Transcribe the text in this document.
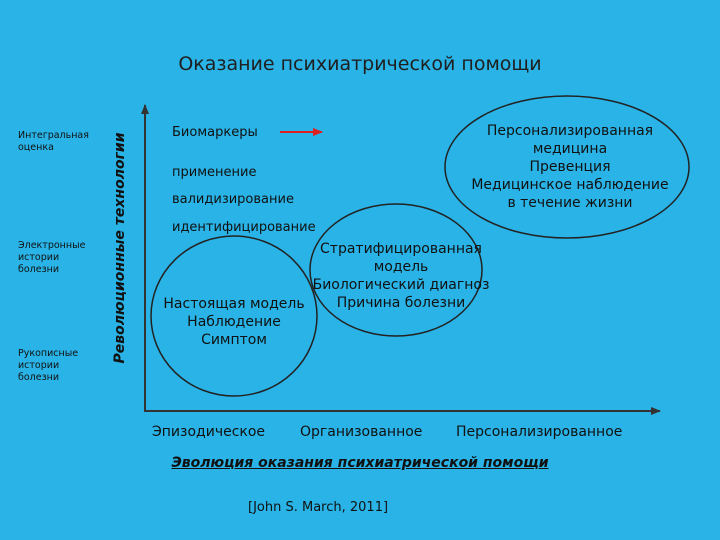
Оказание психиатрической помощи
Интегральная оценка
Электронные истории болезни
Рукописные истории болезни
Революционные технологии	Биомаркеры
применение
валидизирование
идентифицирование
Настоящая модель
Наблюдение
Симптом
Стратифицированная
модель
Биологический диагноз
Причина болезни
Персонализированная
медицина
Превенция
Медицинское наблюдение
в течение жизни
Эпизодическое Организованное Персонализированное
Эволюция оказания психиатрической помощи
[John S. March, 2011]
